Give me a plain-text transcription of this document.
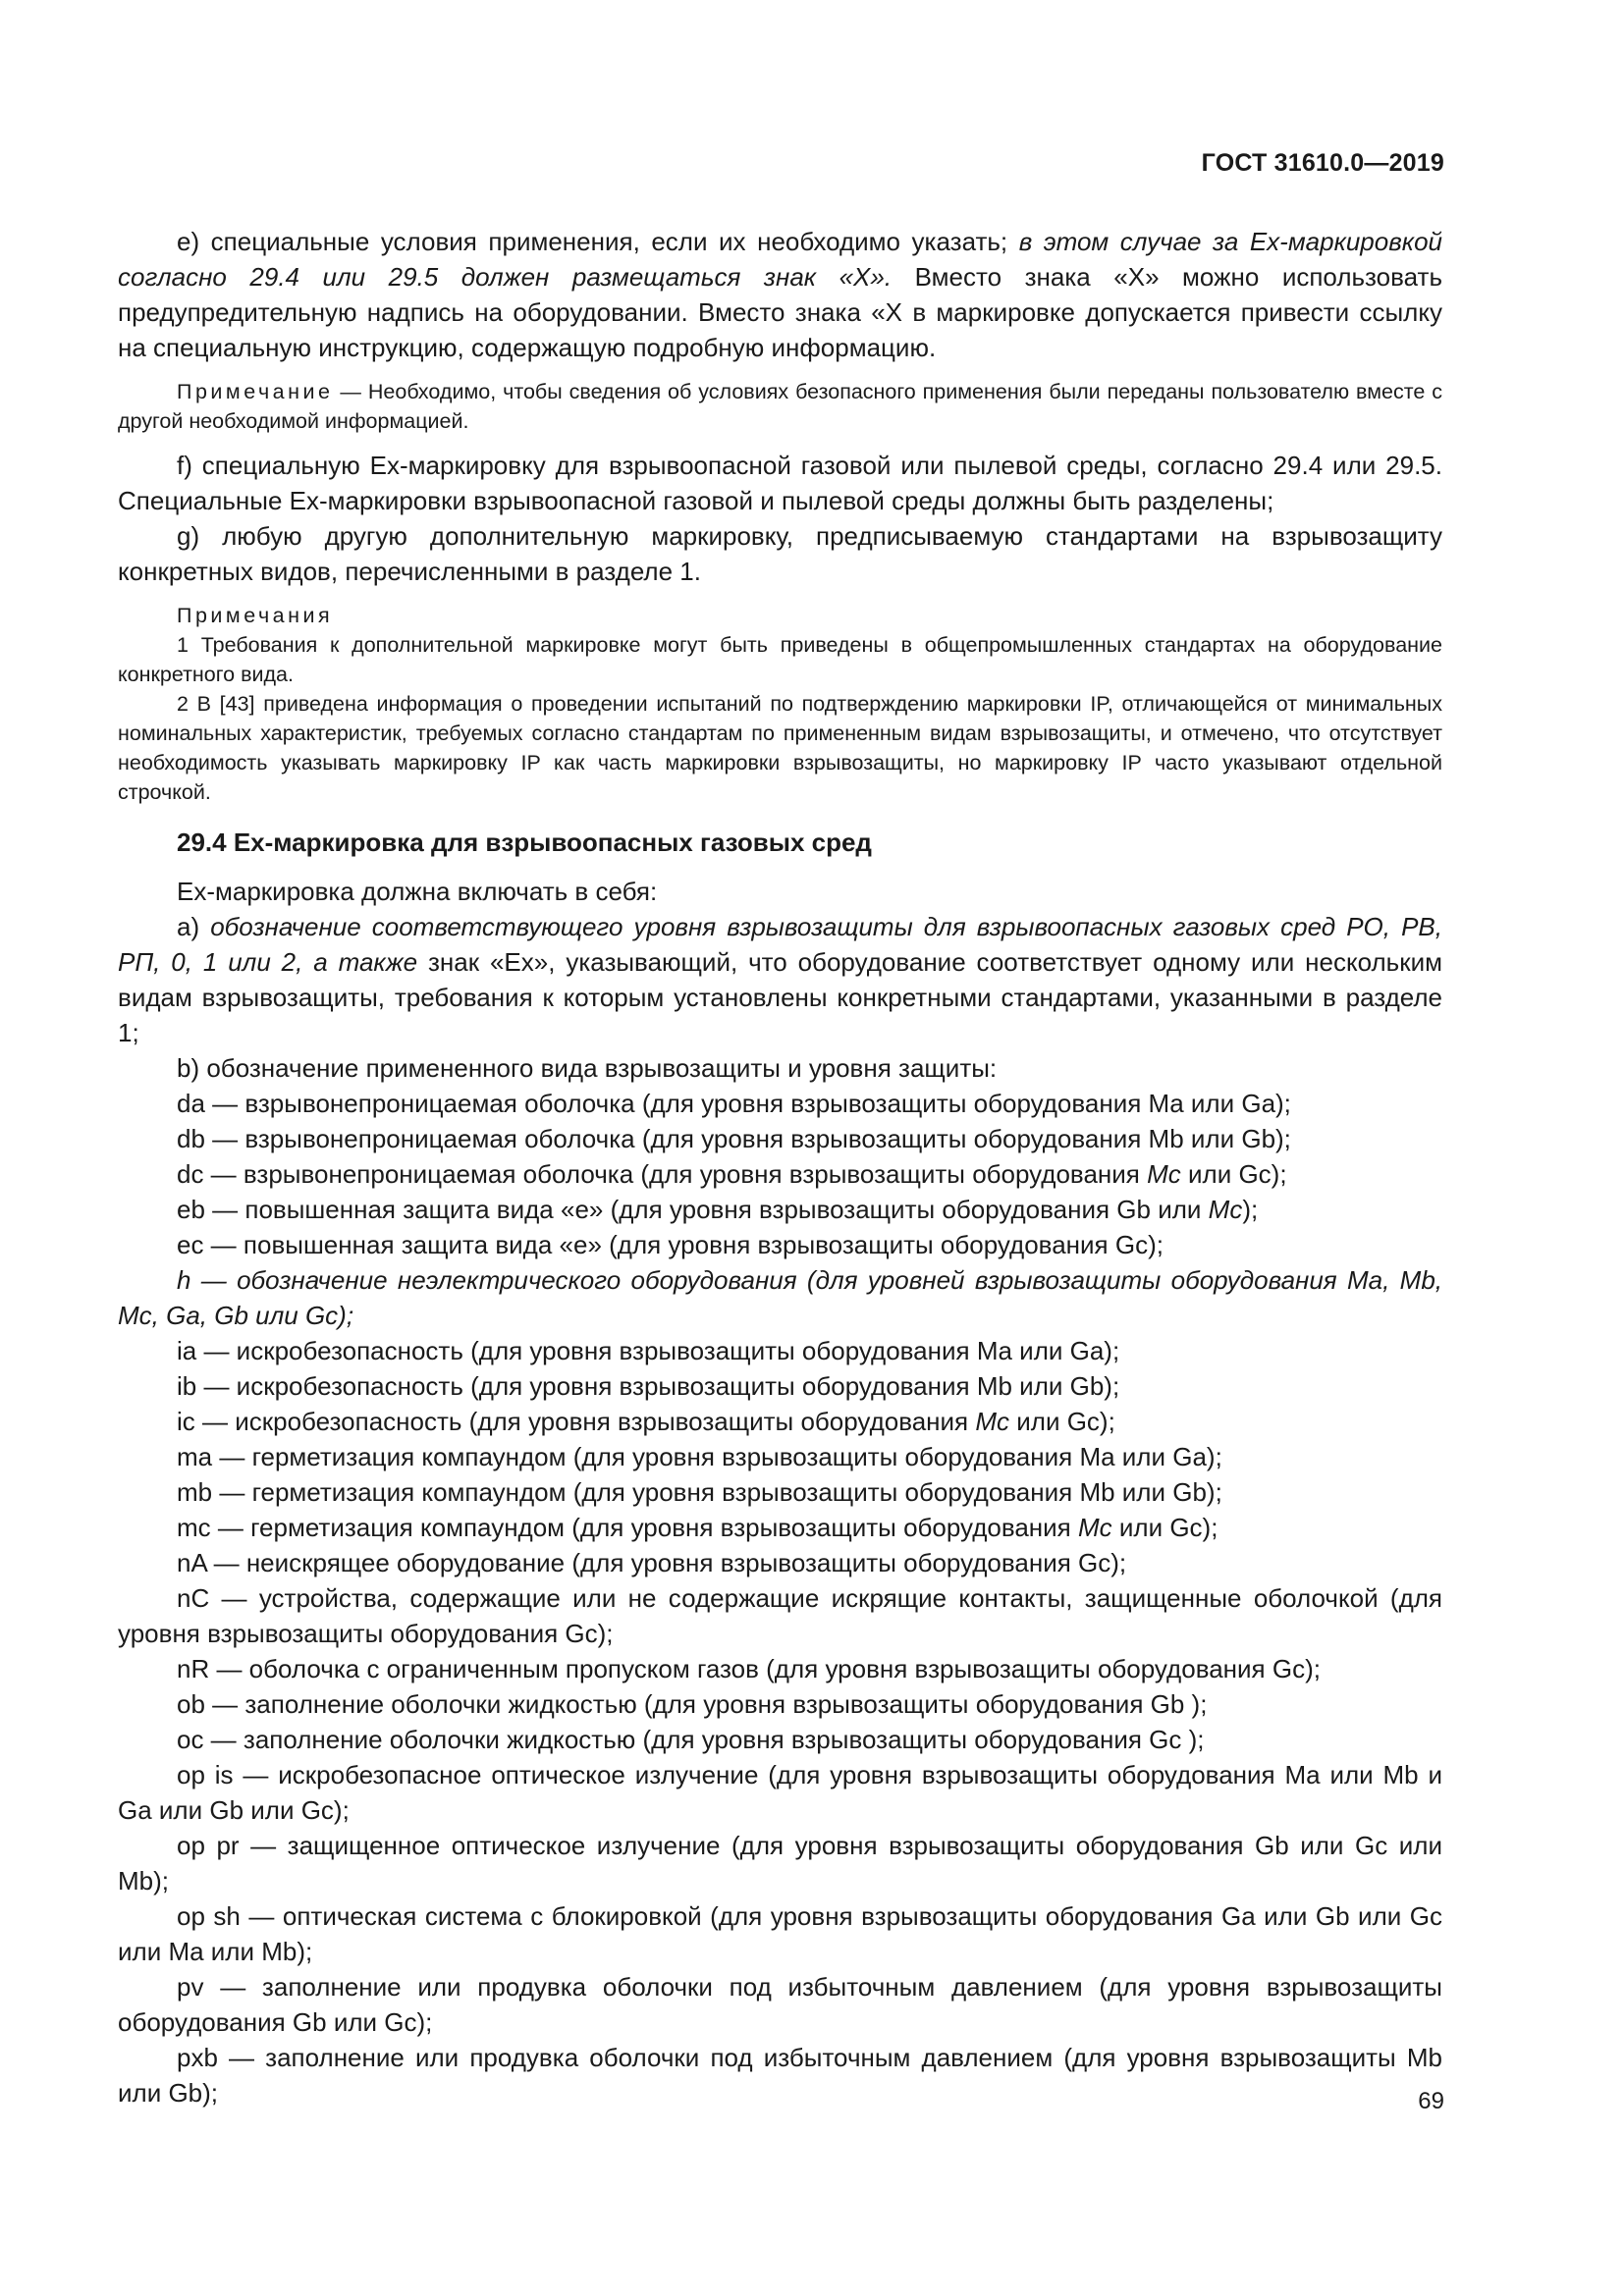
ГОСТ 31610.0—2019

e) специальные условия применения, если их необходимо указать; в этом случае за Ex-маркировкой согласно 29.4 или 29.5 должен размещаться знак «X». Вместо знака «X» можно использовать предупредительную надпись на оборудовании. Вместо знака «X в маркировке допускается привести ссылку на специальную инструкцию, содержащую подробную информацию.

Примечание — Необходимо, чтобы сведения об условиях безопасного применения были переданы пользователю вместе с другой необходимой информацией.

f) специальную Ex-маркировку для взрывоопасной газовой или пылевой среды, согласно 29.4 или 29.5. Специальные Ex-маркировки взрывоопасной газовой и пылевой среды должны быть разделены;

g) любую другую дополнительную маркировку, предписываемую стандартами на взрывозащиту конкретных видов, перечисленными в разделе 1.

Примечания

1 Требования к дополнительной маркировке могут быть приведены в общепромышленных стандартах на оборудование конкретного вида.

2 В [43] приведена информация о проведении испытаний по подтверждению маркировки IP, отличающейся от минимальных номинальных характеристик, требуемых согласно стандартам по примененным видам взрывозащиты, и отмечено, что отсутствует необходимость указывать маркировку IP как часть маркировки взрывозащиты, но маркировку IP часто указывают отдельной строчкой.

29.4 Ex-маркировка для взрывоопасных газовых сред

Ex-маркировка должна включать в себя:

a) обозначение соответствующего уровня взрывозащиты для взрывоопасных газовых сред РО, РВ, РП, 0, 1 или 2, а также знак «Ex», указывающий, что оборудование соответствует одному или нескольким видам взрывозащиты, требования к которым установлены конкретными стандартами, указанными в разделе 1;

b) обозначение примененного вида взрывозащиты и уровня защиты:

da — взрывонепроницаемая оболочка (для уровня взрывозащиты оборудования Ma или Ga);

db — взрывонепроницаемая оболочка (для уровня взрывозащиты оборудования Mb или Gb);

dc — взрывонепроницаемая оболочка (для уровня взрывозащиты оборудования Mc или Gc);

eb — повышенная защита вида «e» (для уровня взрывозащиты оборудования Gb или Mc);

ec — повышенная защита вида «e» (для уровня взрывозащиты оборудования Gc);

h — обозначение неэлектрического оборудования (для уровней взрывозащиты оборудования Ma, Mb, Mc, Ga, Gb или Gc);

ia — искробезопасность (для уровня взрывозащиты оборудования Ma или Ga);

ib — искробезопасность (для уровня взрывозащиты оборудования Mb или Gb);

ic — искробезопасность (для уровня взрывозащиты оборудования Mc или Gc);

ma — герметизация компаундом (для уровня взрывозащиты оборудования Ma или Ga);

mb — герметизация компаундом (для уровня взрывозащиты оборудования Mb или Gb);

mc — герметизация компаундом (для уровня взрывозащиты оборудования Mc или Gc);

nA — неискрящее оборудование (для уровня взрывозащиты оборудования Gc);

nC — устройства, содержащие или не содержащие искрящие контакты, защищенные оболочкой (для уровня взрывозащиты оборудования Gc);

nR — оболочка с ограниченным пропуском газов (для уровня взрывозащиты оборудования Gc);

ob — заполнение оболочки жидкостью (для уровня взрывозащиты оборудования Gb );

oc — заполнение оболочки жидкостью (для уровня взрывозащиты оборудования Gc );

op is — искробезопасное оптическое излучение (для уровня взрывозащиты оборудования Ma или Mb и Ga или Gb или Gc);

op pr — защищенное оптическое излучение (для уровня взрывозащиты оборудования Gb или Gc или Mb);

op sh — оптическая система с блокировкой (для уровня взрывозащиты оборудования Ga или Gb или Gc или Ma или Mb);

pv — заполнение или продувка оболочки под избыточным давлением (для уровня взрывозащиты оборудования Gb или Gc);

pxb — заполнение или продувка оболочки под избыточным давлением (для уровня взрывозащиты Mb или Gb);	69
